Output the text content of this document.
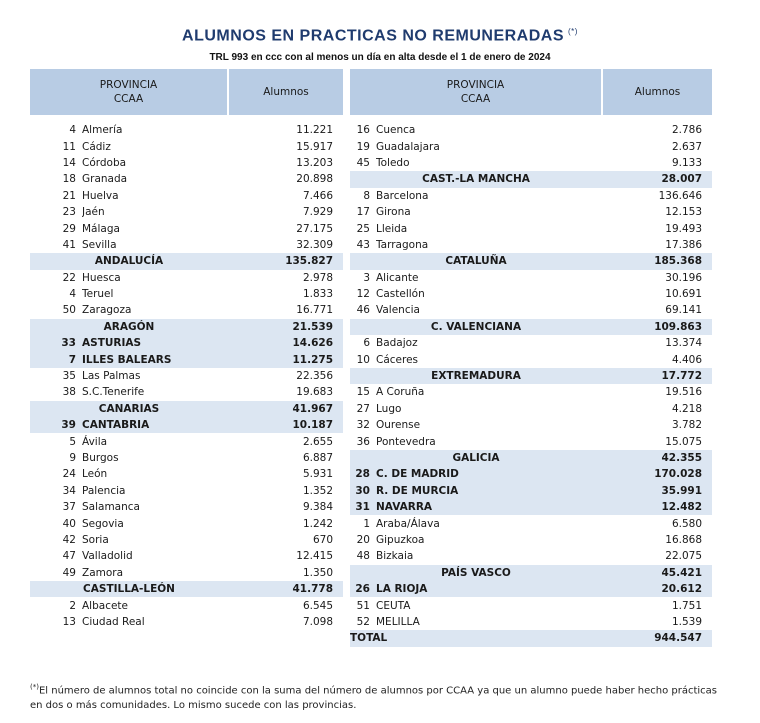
ALUMNOS EN PRACTICAS NO REMUNERADAS (*)
TRL 993 en ccc con al menos un día en alta desde el 1 de enero de 2024
PROVINCIA
CCAA		Alumnos

4	Almería	11.221
11	Cádiz	15.917
14	Córdoba	13.203
18	Granada	20.898
21	Huelva	7.466
23	Jaén	7.929
29	Málaga	27.175
41	Sevilla	32.309
ANDALUCÍA		135.827
22	Huesca	2.978
4	Teruel	1.833
50	Zaragoza	16.771
ARAGÓN		21.539
33	ASTURIAS	14.626
7	ILLES BALEARS	11.275
35	Las Palmas	22.356
38	S.C.Tenerife	19.683
CANARIAS		41.967
39	CANTABRIA	10.187
5	Ávila	2.655
9	Burgos	6.887
24	León	5.931
34	Palencia	1.352
37	Salamanca	9.384
40	Segovia	1.242
42	Soria	670
47	Valladolid	12.415
49	Zamora	1.350
CASTILLA-LEÓN		41.778
2	Albacete	6.545
13	Ciudad Real	7.098
PROVINCIA
CCAA		Alumnos

16	Cuenca	2.786
19	Guadalajara	2.637
45	Toledo	9.133
CAST.-LA MANCHA		28.007
8	Barcelona	136.646
17	Girona	12.153
25	Lleida	19.493
43	Tarragona	17.386
CATALUÑA		185.368
3	Alicante	30.196
12	Castellón	10.691
46	Valencia	69.141
C. VALENCIANA		109.863
6	Badajoz	13.374
10	Cáceres	4.406
EXTREMADURA		17.772
15	A Coruña	19.516
27	Lugo	4.218
32	Ourense	3.782
36	Pontevedra	15.075
GALICIA		42.355
28	C. DE MADRID	170.028
30	R. DE MURCIA	35.991
31	NAVARRA	12.482
1	Araba/Álava	6.580
20	Gipuzkoa	16.868
48	Bizkaia	22.075
PAÍS VASCO		45.421
26	LA RIOJA	20.612
51	CEUTA	1.751
52	MELILLA	1.539
TOTAL		944.547
(*)El número de alumnos total no coincide con la suma del número de alumnos por CCAA ya que un alumno puede haber hecho prácticas en dos o más comunidades. Lo mismo sucede con las provincias.
